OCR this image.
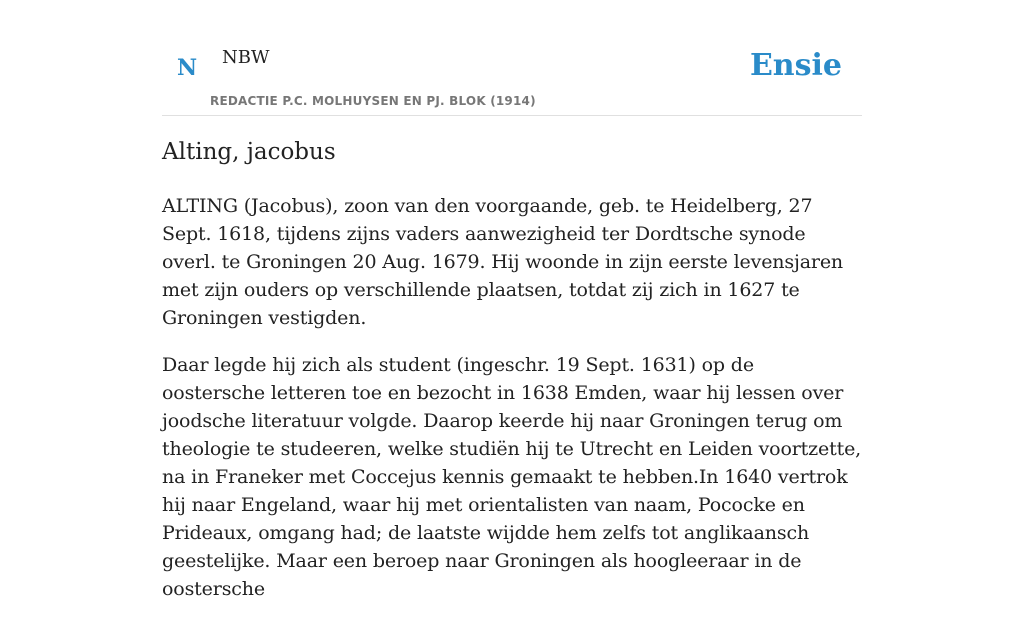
N NBW
REDACTIE P.C. MOLHUYSEN EN PJ. BLOK (1914)
Ensie
Alting, jacobus

ALTING (Jacobus), zoon van den voorgaande, geb. te Heidelberg, 27 Sept. 1618, tijdens zijns vaders aanwezigheid ter Dordtsche synode overl. te Groningen 20 Aug. 1679. Hij woonde in zijn eerste levensjaren met zijn ouders op verschillende plaatsen, totdat zij zich in 1627 te Groningen vestigden.

Daar legde hij zich als student (ingeschr. 19 Sept. 1631) op de oostersche letteren toe en bezocht in 1638 Emden, waar hij lessen over joodsche literatuur volgde. Daarop keerde hij naar Groningen terug om theologie te studeeren, welke studiën hij te Utrecht en Leiden voortzette, na in Franeker met Coccejus kennis gemaakt te hebben.In 1640 vertrok hij naar Engeland, waar hij met orientalisten van naam, Pococke en Prideaux, omgang had; de laatste wijdde hem zelfs tot anglikaansch geestelijke. Maar een beroep naar Groningen als hoogleeraar in de oostersche
